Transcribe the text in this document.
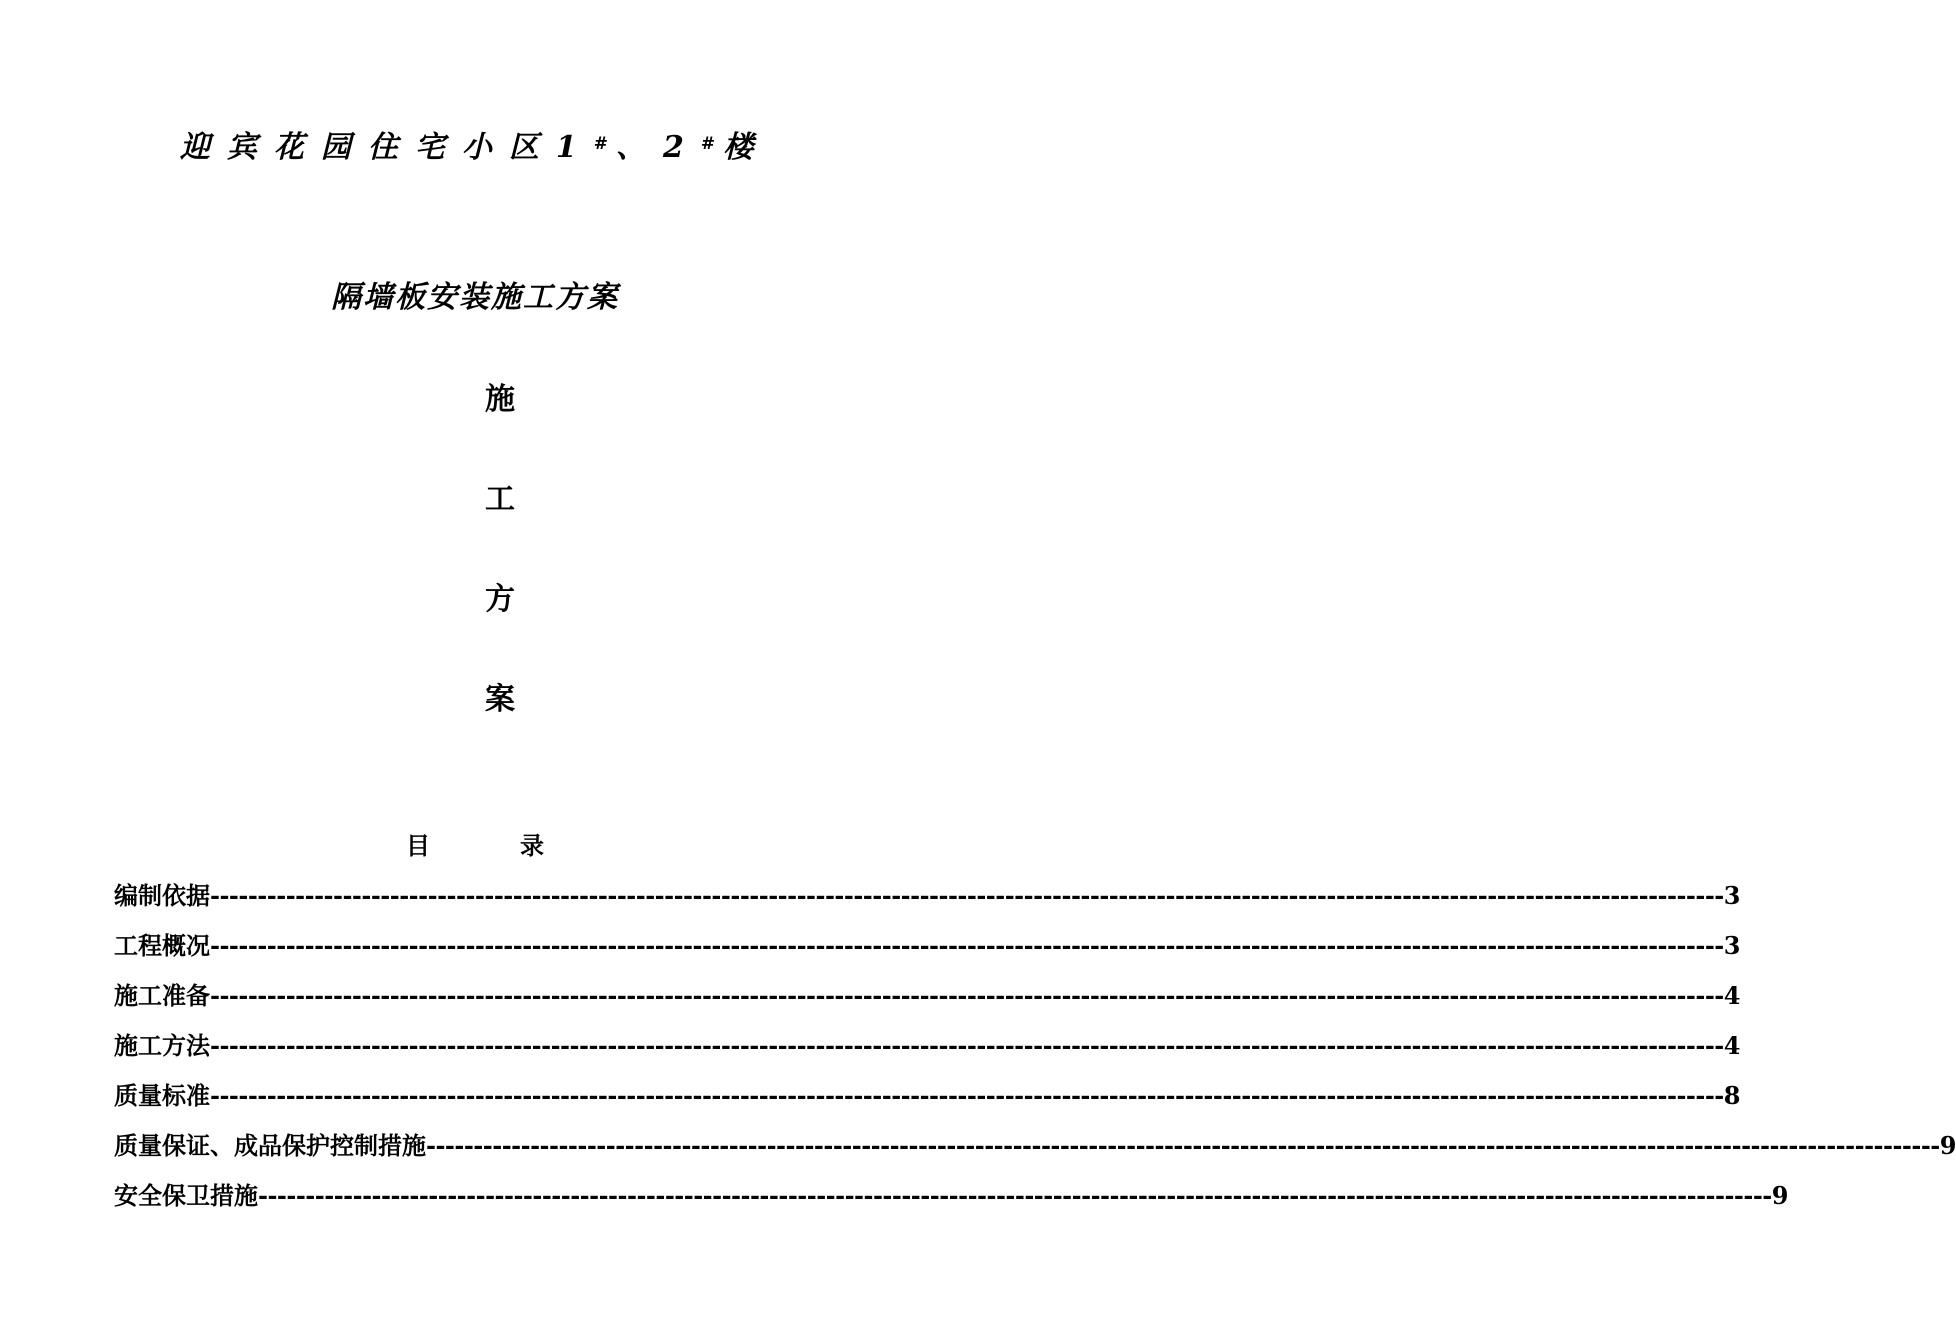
迎宾花园住宅小区1#、2#楼
隔墙板安装施工方案
施
工
方
案
目	录
编制依据 ---------------------------------------------------------------------------------------------------------------------------------------------------------------- 3
工程概况 ---------------------------------------------------------------------------------------------------------------------------------------------------------------- 3
施工准备 ---------------------------------------------------------------------------------------------------------------------------------------------------------------- 4
施工方法 ---------------------------------------------------------------------------------------------------------------------------------------------------------------- 4
质量标准 ---------------------------------------------------------------------------------------------------------------------------------------------------------------- 8
质量保证、成品保护控制措施 ---------------------------------------------------------------------------------------------------------------------------------------------------------------- 9
安全保卫措施 ---------------------------------------------------------------------------------------------------------------------------------------------------------------- 9
